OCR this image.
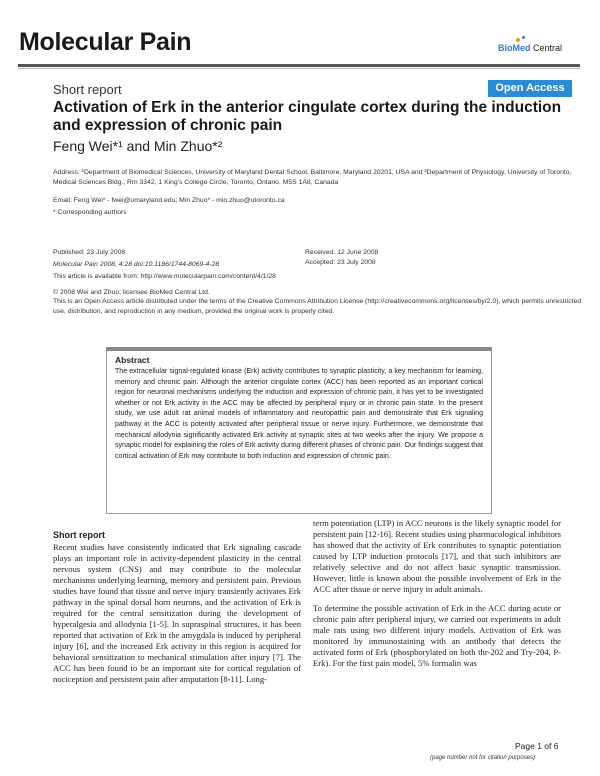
Molecular Pain	BioMed Central
Short report	Open Access
Activation of Erk in the anterior cingulate cortex during the induction and expression of chronic pain
Feng Wei*¹ and Min Zhuo*²
Address: ¹Department of Biomedical Sciences, University of Maryland Dental School, Baltimore, Maryland 20201, USA and ²Department of Physiology, University of Toronto, Medical Sciences Bldg., Rm 3342, 1 King's College Circle, Toronto, Ontario, M5S 1A8, Canada
Email: Feng Wei* - fwei@umaryland.edu; Min Zhuo* - min.zhuo@utoronto.ca
* Corresponding authors
Published: 23 July 2008	Received: 12 June 2008
Molecular Pain 2008, 4:28 doi:10.1186/1744-8069-4-28	Accepted: 23 July 2008
This article is available from: http://www.molecularpain.com/content/4/1/28
© 2008 Wei and Zhuo; licensee BioMed Central Ltd.
This is an Open Access article distributed under the terms of the Creative Commons Attribution License (http://creativecommons.org/licenses/by/2.0), which permits unrestricted use, distribution, and reproduction in any medium, provided the original work is properly cited.
Abstract
The extracellular signal-regulated kinase (Erk) activity contributes to synaptic plasticity, a key mechanism for learning, memory and chronic pain. Although the anterior cingulate cortex (ACC) has been reported as an important cortical region for neuronal mechanisms underlying the induction and expression of chronic pain, it has yet to be investigated whether or not Erk activity in the ACC may be affected by peripheral injury or in chronic pain state. In the present study, we use adult rat animal models of inflammatory and neuropathic pain and demonstrate that Erk signaling pathway in the ACC is potently activated after peripheral tissue or nerve injury. Furthermore, we demonstrate that mechanical allodynia significantly activated Erk activity at synaptic sites at two weeks after the injury. We propose a synaptic model for explaining the roles of Erk activity during different phases of chronic pain. Our findings suggest that cortical activation of Erk may contribute to both induction and expression of chronic pain.
Short report

Recent studies have consistently indicated that Erk signaling cascade plays an important role in activity-dependent plasticity in the central nervous system (CNS) and may contribute to the molecular mechanisms underlying learning, memory and persistent pain. Previous studies have found that tissue and nerve injury transiently activates Erk pathway in the spinal dorsal horn neurons, and the activation of Erk is required for the central sensitization during the development of hyperalgesia and allodynia [1-5]. In supraspinal structures, it has been reported that activation of Erk in the amygdala is induced by peripheral injury [6], and the increased Erk activity in this region is acquired for behavioral sensitization to mechanical stimulation after injury [7]. The ACC has been found to be an important site for cortical regulation of nociception and persistent pain after amputation [8-11]. Long-

term potentiation (LTP) in ACC neurons is the likely synaptic model for persistent pain [12-16]. Recent studies using pharmacological inhibitors has showed that the activity of Erk contributes to synaptic potentiation caused by LTP induction protocols [17], and that such inhibitors are relatively selective and do not affect basic synaptic transmission. However, little is known about the possible involvement of Erk in the ACC after tissue or nerve injury in adult animals.

To determine the possible activation of Erk in the ACC during acute or chronic pain after peripheral injury, we carried out experiments in adult male rats using two different injury models. Activation of Erk was monitored by immunostaining with an antibody that detects the activated form of Erk (phosphorylated on both thr-202 and Try-204, P-Erk). For the first pain model, 5% formalin was

Page 1 of 6
(page number not for citation purposes)
